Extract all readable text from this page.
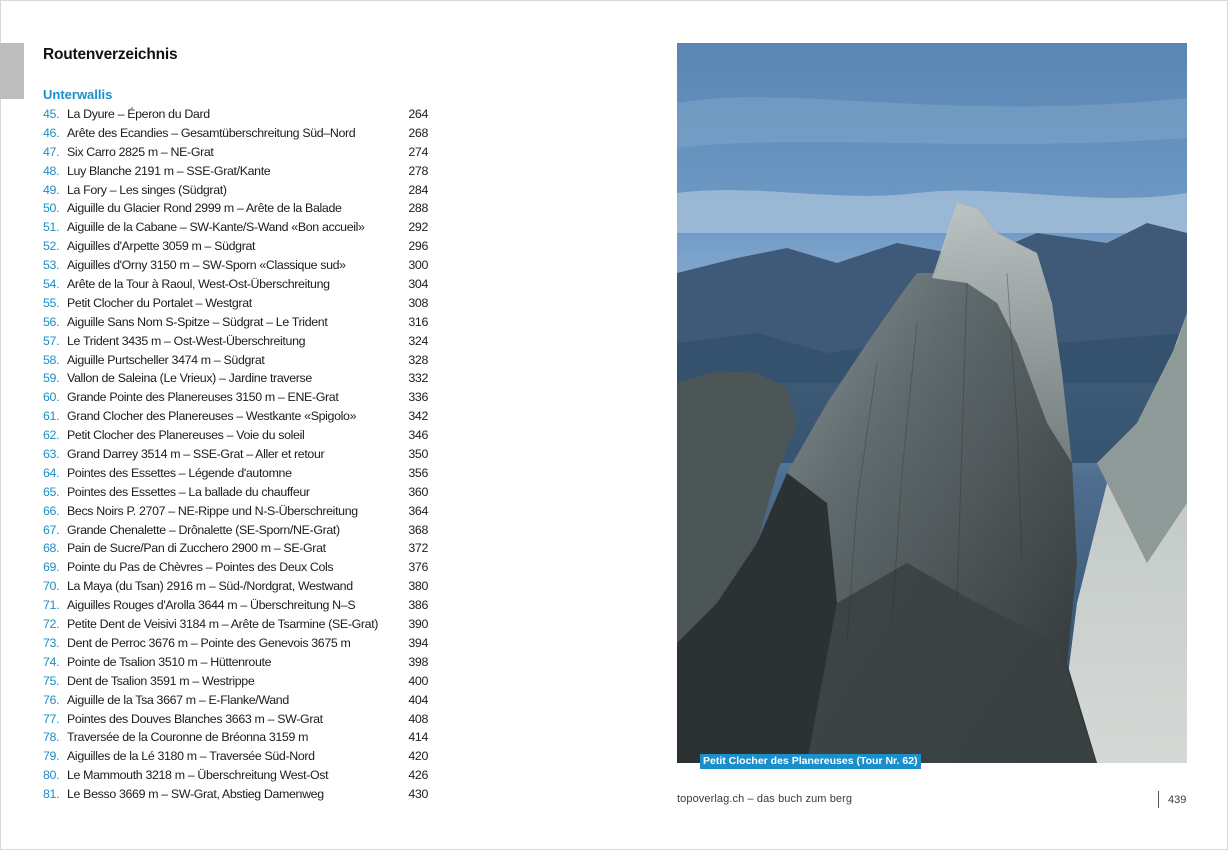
Routenverzeichnis
Unterwallis
45. La Dyure – Éperon du Dard	264
46. Arête des Ecandies – Gesamtüberschreitung Süd–Nord	268
47. Six Carro 2825 m – NE-Grat	274
48. Luy Blanche 2191 m – SSE-Grat/Kante	278
49. La Fory – Les singes (Südgrat)	284
50. Aiguille du Glacier Rond 2999 m – Arête de la Balade	288
51. Aiguille de la Cabane – SW-Kante/S-Wand «Bon accueil»	292
52. Aiguilles d'Arpette 3059 m – Südgrat	296
53. Aiguilles d'Orny 3150 m – SW-Sporn «Classique sud»	300
54. Arête de la Tour à Raoul, West-Ost-Überschreitung	304
55. Petit Clocher du Portalet – Westgrat	308
56. Aiguille Sans Nom S-Spitze – Südgrat – Le Trident	316
57. Le Trident 3435 m – Ost-West-Überschreitung	324
58. Aiguille Purtscheller 3474 m – Südgrat	328
59. Vallon de Saleina (Le Vrieux) – Jardine traverse	332
60. Grande Pointe des Planereuses 3150 m – ENE-Grat	336
61. Grand Clocher des Planereuses – Westkante «Spigolo»	342
62. Petit Clocher des Planereuses – Voie du soleil	346
63. Grand Darrey 3514 m – SSE-Grat – Aller et retour	350
64. Pointes des Essettes – Légende d'automne	356
65. Pointes des Essettes – La ballade du chauffeur	360
66. Becs Noirs P. 2707 – NE-Rippe und N-S-Überschreitung	364
67. Grande Chenalette – Drônalette (SE-Sporn/NE-Grat)	368
68. Pain de Sucre/Pan di Zucchero 2900 m – SE-Grat	372
69. Pointe du Pas de Chèvres – Pointes des Deux Cols	376
70. La Maya (du Tsan) 2916 m – Süd-/Nordgrat, Westwand	380
71. Aiguilles Rouges d'Arolla 3644 m – Überschreitung N–S	386
72. Petite Dent de Veisivi 3184 m – Arête de Tsarmine (SE-Grat)	390
73. Dent de Perroc 3676 m – Pointe des Genevois 3675 m	394
74. Pointe de Tsalion 3510 m – Hüttenroute	398
75. Dent de Tsalion 3591 m – Westrippe	400
76. Aiguille de la Tsa 3667 m – E-Flanke/Wand	404
77. Pointes des Douves Blanches 3663 m – SW-Grat	408
78. Traversée de la Couronne de Bréonna 3159 m	414
79. Aiguilles de la Lé 3180 m – Traversée Süd-Nord	420
80. Le Mammouth 3218 m – Überschreitung West-Ost	426
81. Le Besso 3669 m – SW-Grat, Abstieg Damenweg	430
Petit Clocher des Planereuses (Tour Nr. 62)
topoverlag.ch – das buch zum berg	439
